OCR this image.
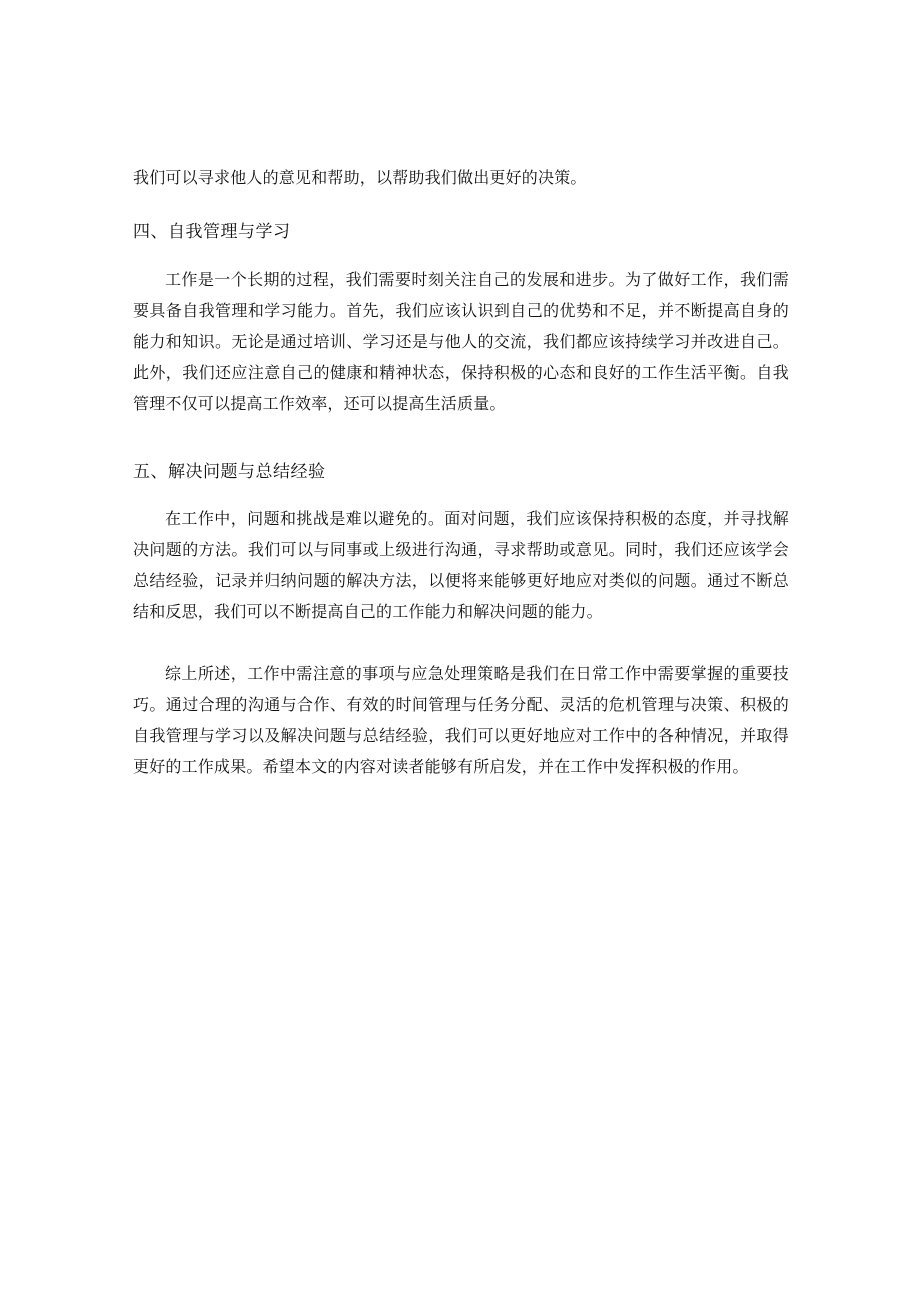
我们可以寻求他人的意见和帮助，以帮助我们做出更好的决策。

四、自我管理与学习

工作是一个长期的过程，我们需要时刻关注自己的发展和进步。为了做好工作，我们需要具备自我管理和学习能力。首先，我们应该认识到自己的优势和不足，并不断提高自身的能力和知识。无论是通过培训、学习还是与他人的交流，我们都应该持续学习并改进自己。此外，我们还应注意自己的健康和精神状态，保持积极的心态和良好的工作生活平衡。自我管理不仅可以提高工作效率，还可以提高生活质量。

五、解决问题与总结经验

在工作中，问题和挑战是难以避免的。面对问题，我们应该保持积极的态度，并寻找解决问题的方法。我们可以与同事或上级进行沟通，寻求帮助或意见。同时，我们还应该学会总结经验，记录并归纳问题的解决方法，以便将来能够更好地应对类似的问题。通过不断总结和反思，我们可以不断提高自己的工作能力和解决问题的能力。

综上所述，工作中需注意的事项与应急处理策略是我们在日常工作中需要掌握的重要技巧。通过合理的沟通与合作、有效的时间管理与任务分配、灵活的危机管理与决策、积极的自我管理与学习以及解决问题与总结经验，我们可以更好地应对工作中的各种情况，并取得更好的工作成果。希望本文的内容对读者能够有所启发，并在工作中发挥积极的作用。
